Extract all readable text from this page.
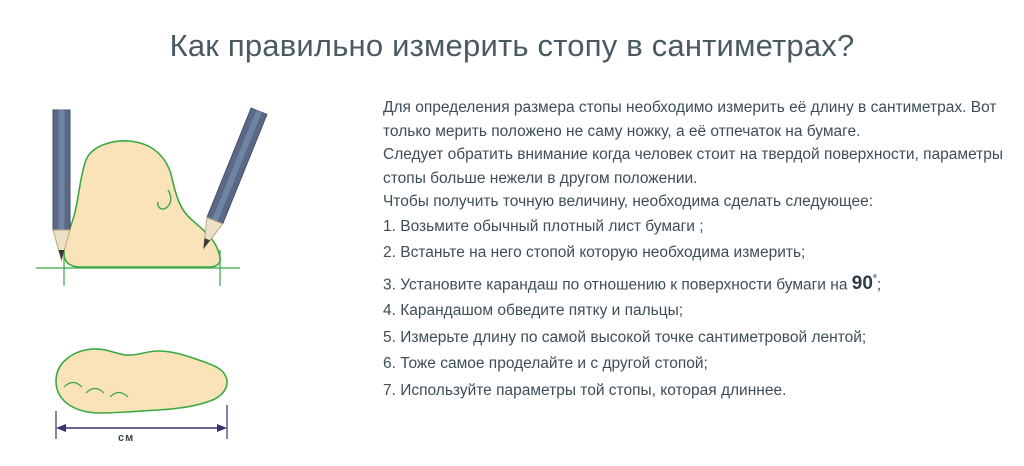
Как правильно измерить стопу в сантиметрах?
см

Для определения размера стопы необходимо измерить её длину в сантиметрах. Вот только мерить положено не саму ножку, а её отпечаток на бумаге.

Следует обратить внимание когда человек стоит на твердой поверхности, параметры стопы больше нежели в другом положении.

Чтобы получить точную величину, необходима сделать следующее:

1. Возьмите обычный плотный лист бумаги ;
2. Встаньте на него стопой которую необходима измерить;
3. Установите карандаш по отношению к поверхности бумаги на 90°;
4. Карандашом обведите пятку и пальцы;
5. Измерьте длину по самой высокой точке сантиметровой лентой;
6. Тоже самое проделайте и с другой стопой;
7. Используйте параметры той стопы, которая длиннее.
